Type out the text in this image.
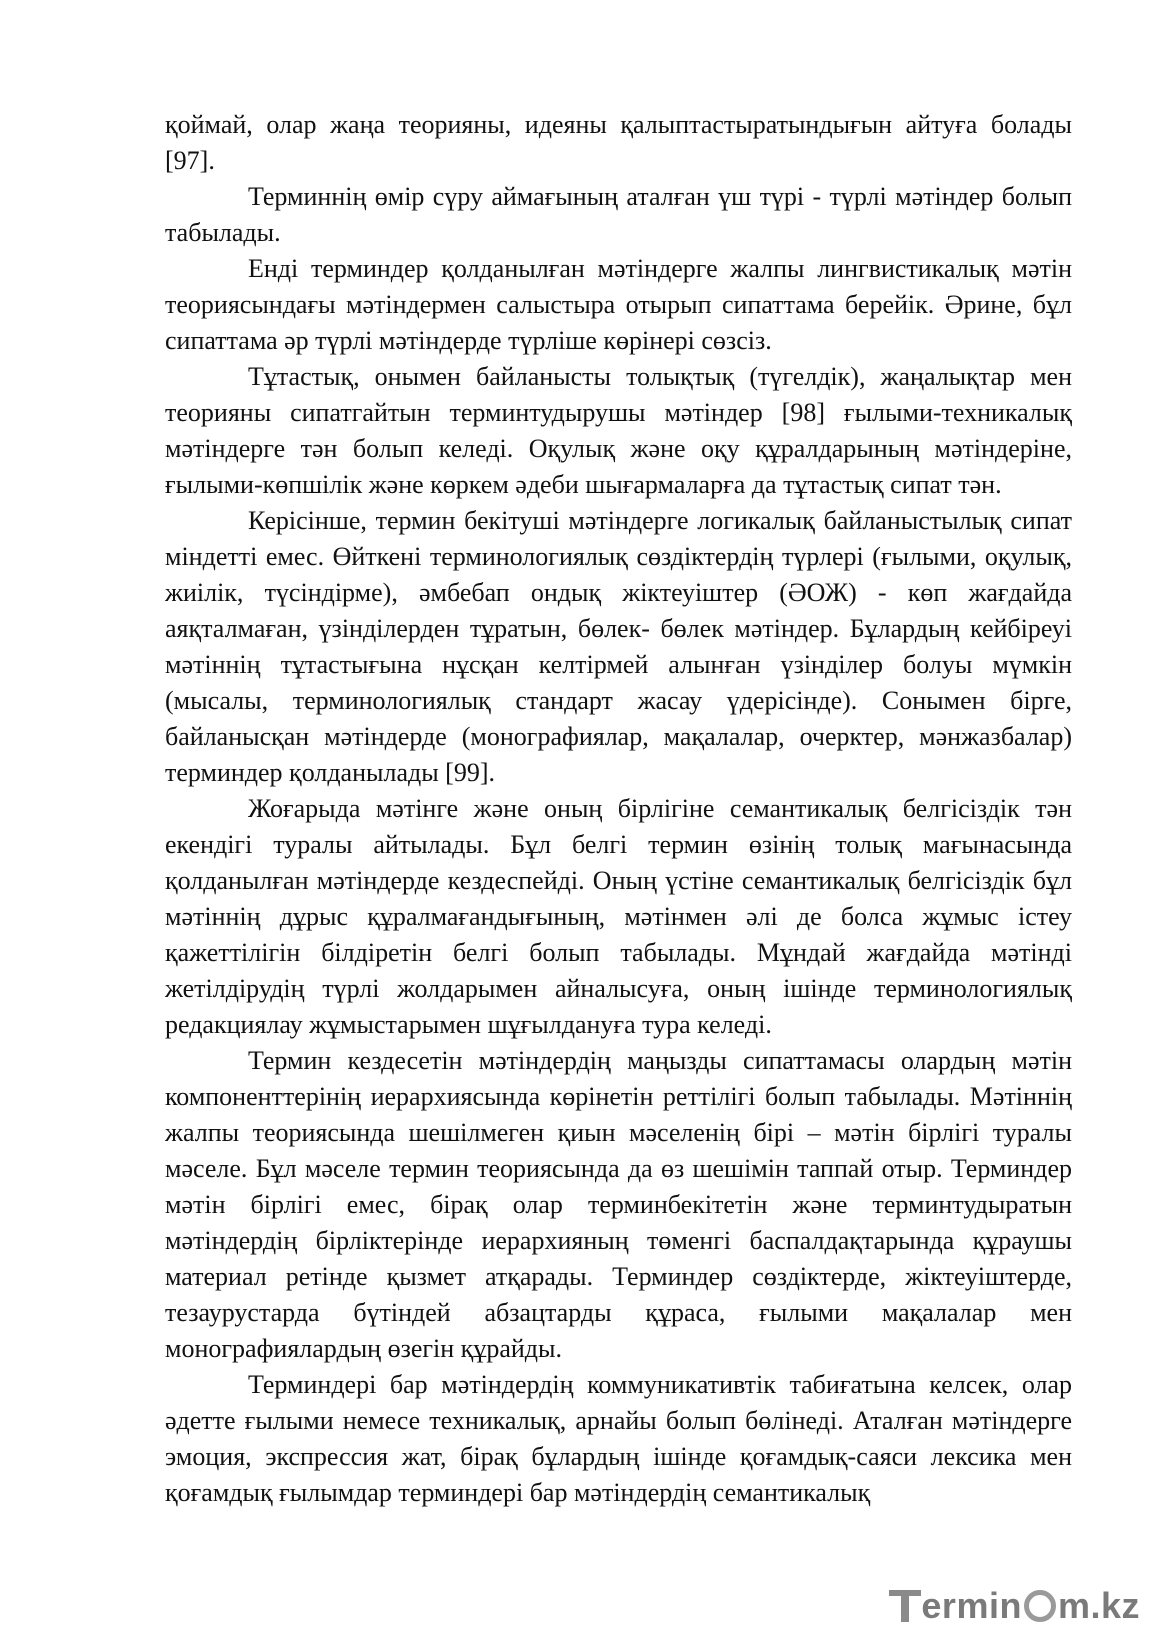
қоймай, олар жаңа теорияны, идеяны қалыптастыратындығын айтуға болады [97].

Терминнің өмір сүру аймағының аталған үш түрі - түрлі мәтіндер болып табылады.

Енді терминдер қолданылған мәтіндерге жалпы лингвистикалық мәтін теориясындағы мәтіндермен салыстыра отырып сипаттама берейік. Әрине, бұл сипаттама әр түрлі мәтіндерде түрліше көрінері сөзсіз.

Тұтастық, онымен байланысты толықтық (түгелдік), жаңалықтар мен теорияны сипатгайтын терминтудырушы мәтіндер [98] ғылыми-техникалық мәтіндерге тән болып келеді. Оқулық және оқу құралдарының мәтіндеріне, ғылыми-көпшілік және көркем әдеби шығармаларға да тұтастық сипат тән.

Керісінше, термин бекітуші мәтіндерге логикалық байланыстылық сипат міндетті емес. Өйткені терминологиялық сөздіктердің түрлері (ғылыми, оқулық, жиілік, түсіндірме), әмбебап ондық жіктеуіштер (ӘОЖ) - көп жағдайда аяқталмаған, үзінділерден тұратын, бөлек- бөлек мәтіндер. Бұлардың кейбіреуі мәтіннің тұтастығына нұсқан келтірмей алынған үзінділер болуы мүмкін (мысалы, терминологиялық стандарт жасау үдерісінде). Сонымен бірге, байланысқан мәтіндерде (монографиялар, мақалалар, очерктер, мәнжазбалар) терминдер қолданылады [99].

Жоғарыда мәтінге және оның бірлігіне семантикалық белгісіздік тән екендігі туралы айтылады. Бұл белгі термин өзінің толық мағынасында қолданылған мәтіндерде кездеспейді. Оның үстіне семантикалық белгісіздік бұл мәтіннің дұрыс құралмағандығының, мәтінмен әлі де болса жұмыс істеу қажеттілігін білдіретін белгі болып табылады. Мұндай жағдайда мәтінді жетілдірудің түрлі жолдарымен айналысуға, оның ішінде терминологиялық редакциялау жұмыстарымен шұғылдануға тура келеді.

Термин кездесетін мәтіндердің маңызды сипаттамасы олардың мәтін компоненттерінің иерархиясында көрінетін реттілігі болып табылады. Мәтіннің жалпы теориясында шешілмеген қиын мәселенің бірі – мәтін бірлігі туралы мәселе. Бұл мәселе термин теориясында да өз шешімін таппай отыр. Терминдер мәтін бірлігі емес, бірақ олар терминбекітетін және терминтудыратын мәтіндердің бірліктерінде иерархияның төменгі баспалдақтарында құраушы материал ретінде қызмет атқарады. Терминдер сөздіктерде, жіктеуіштерде, тезаурустарда бүтіндей абзацтарды құраса, ғылыми мақалалар мен монографиялардың өзегін құрайды.

Терминдері бар мәтіндердің коммуникативтік табиғатына келсек, олар әдетте ғылыми немесе техникалық, арнайы болып бөлінеді. Аталған мәтіндерге эмоция, экспрессия жат, бірақ бұлардың ішінде қоғамдық-саяси лексика мен қоғамдық ғылымдар терминдері бар мәтіндердің семантикалық

ermin m.kz
